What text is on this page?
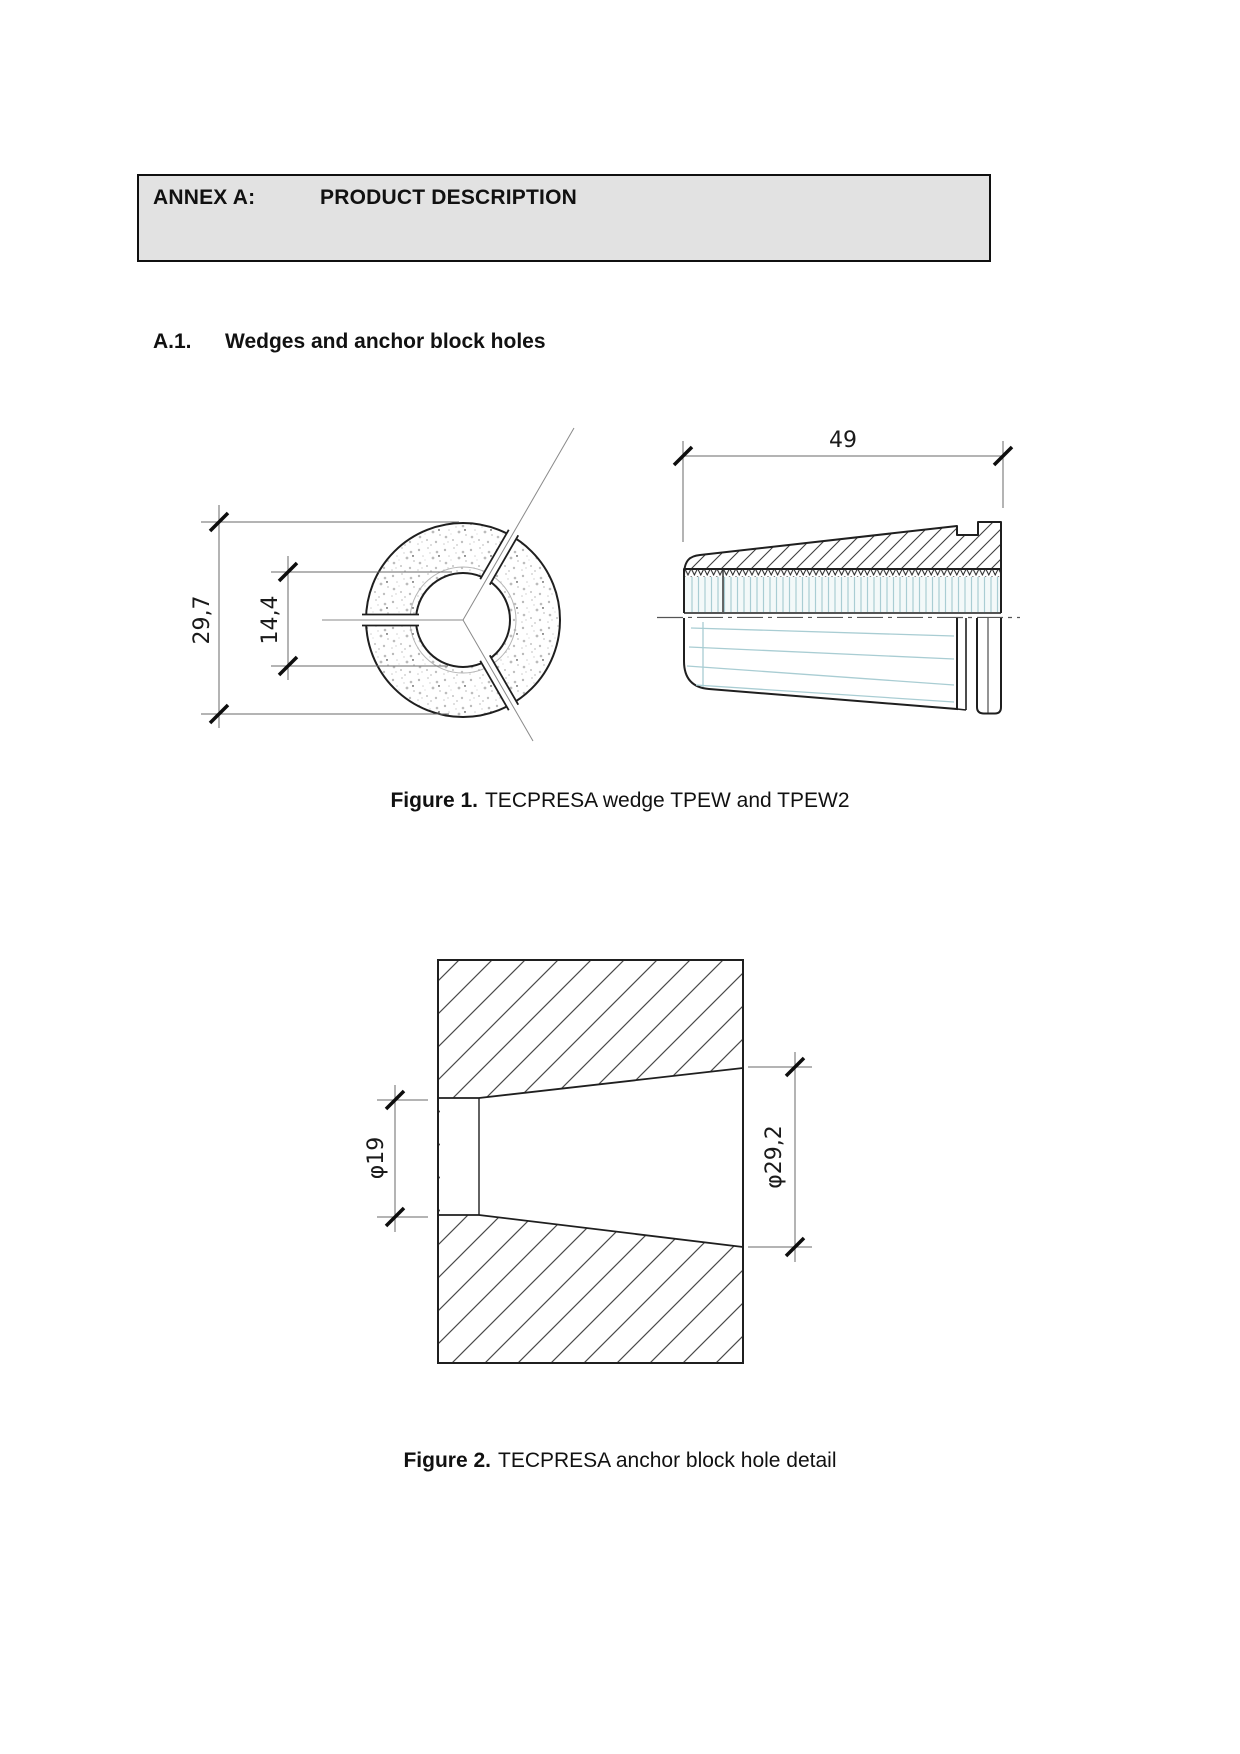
ANNEX A:	PRODUCT DESCRIPTION
A.1. Wedges and anchor block holes
29,7 14,4
49
φ19	φ29,2
Figure 1. TECPRESA wedge TPEW and TPEW2
Figure 2. TECPRESA anchor block hole detail
